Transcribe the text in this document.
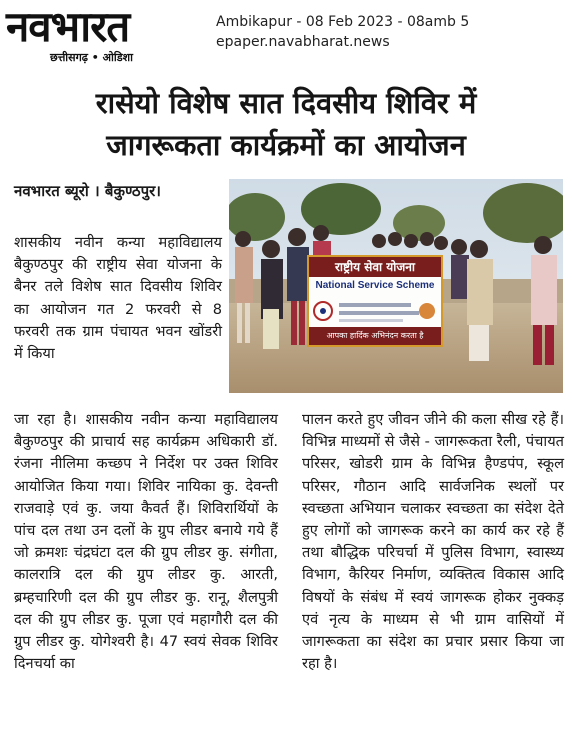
नवभारत
छत्तीसगढ़ • ओडिशा
Ambikapur - 08 Feb 2023 - 08amb 5
epaper.navabharat.news
रासेयो विशेष सात दिवसीय शिविर में
जागरूकता कार्यक्रमों का आयोजन
नवभारत ब्यूरो । बैकुण्ठपुर।
राष्ट्रीय सेवा योजना
National Service Scheme
आपका हार्दिक अभिनंदन करता है

शासकीय नवीन कन्या महाविद्यालय बैकुण्ठपुर की राष्ट्रीय सेवा योजना के बैनर तले विशेष सात दिवसीय शिविर का आयोजन गत 2 फरवरी से 8 फरवरी तक ग्राम पंचायत भवन खोंडरी में किया

जा रहा है। शासकीय नवीन कन्या महाविद्यालय बैकुण्ठपुर की प्राचार्य सह कार्यक्रम अधिकारी डॉ. रंजना नीलिमा कच्छप ने निर्देश पर उक्त शिविर आयोजित किया गया। शिविर नायिका कु. देवन्ती राजवाड़े एवं कु. जया कैवर्त हैं। शिविरार्थियों के पांच दल तथा उन दलों के ग्रुप लीडर बनाये गये हैं जो क्रमशः चंद्रघंटा दल की ग्रुप लीडर कु. संगीता, कालरात्रि दल की ग्रुप लीडर कु. आरती, ब्रम्हचारिणी दल की ग्रुप लीडर कु. रानू, शैलपुत्री दल की ग्रुप लीडर कु. पूजा एवं महागौरी दल की ग्रुप लीडर कु. योगेश्वरी है। 47 स्वयं सेवक शिविर दिनचर्या का

पालन करते हुए जीवन जीने की कला सीख रहे हैं। विभिन्न माध्यमों से जैसे - जागरूकता रैली, पंचायत परिसर, खोडरी ग्राम के विभिन्न हैण्डपंप, स्कूल परिसर, गौठान आदि सार्वजनिक स्थलों पर स्वच्छता अभियान चलाकर स्वच्छता का संदेश देते हुए लोगों को जागरूक करने का कार्य कर रहे हैं तथा बौद्धिक परिचर्चा में पुलिस विभाग, स्वास्थ्य विभाग, कैरियर निर्माण, व्यक्तित्व विकास आदि विषयों के संबंध में स्वयं जागरूक होकर नुक्कड़ एवं नृत्य के माध्यम से भी ग्राम वासियों में जागरूकता का संदेश का प्रचार प्रसार किया जा रहा है।
